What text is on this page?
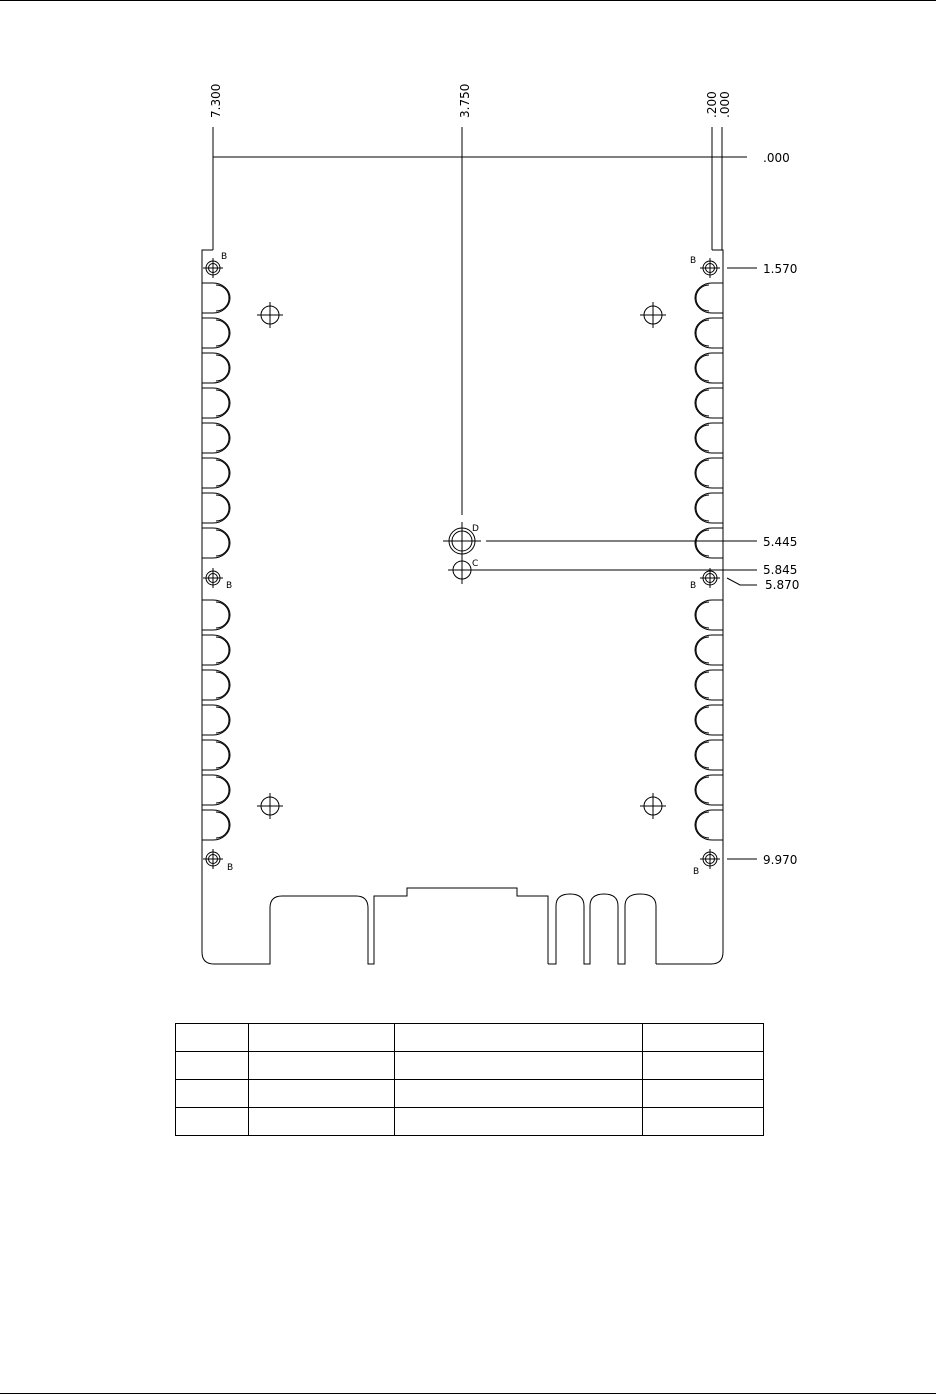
7.300	3.750	.200 .000
.000
1.570
5.445
5.845
5.870
9.970
B	B
B	B
B	B
D
C
